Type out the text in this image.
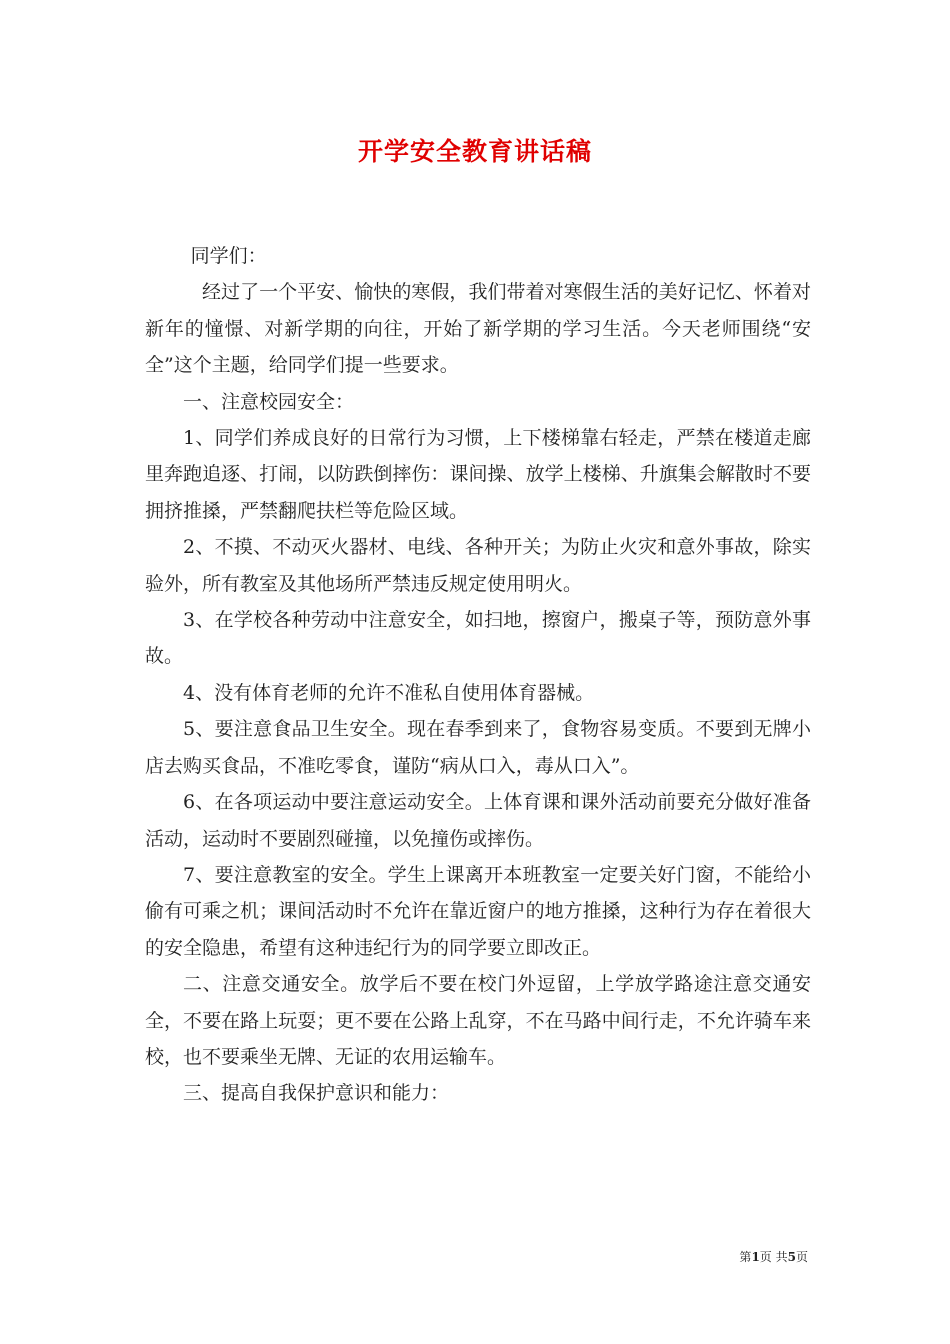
开学安全教育讲话稿

同学们：

经过了一个平安、愉快的寒假，我们带着对寒假生活的美好记忆、怀着对新年的憧憬、对新学期的向往，开始了新学期的学习生活。今天老师围绕“安全”这个主题，给同学们提一些要求。

一、注意校园安全：

1、同学们养成良好的日常行为习惯，上下楼梯靠右轻走，严禁在楼道走廊里奔跑追逐、打闹，以防跌倒摔伤：课间操、放学上楼梯、升旗集会解散时不要拥挤推搡，严禁翻爬扶栏等危险区域。

2、不摸、不动灭火器材、电线、各种开关；为防止火灾和意外事故，除实验外，所有教室及其他场所严禁违反规定使用明火。

3、在学校各种劳动中注意安全，如扫地，擦窗户，搬桌子等，预防意外事故。

4、没有体育老师的允许不准私自使用体育器械。

5、要注意食品卫生安全。现在春季到来了，食物容易变质。不要到无牌小店去购买食品，不准吃零食，谨防“病从口入，毒从口入”。

6、在各项运动中要注意运动安全。上体育课和课外活动前要充分做好准备活动，运动时不要剧烈碰撞，以免撞伤或摔伤。

7、要注意教室的安全。学生上课离开本班教室一定要关好门窗，不能给小偷有可乘之机；课间活动时不允许在靠近窗户的地方推搡，这种行为存在着很大的安全隐患，希望有这种违纪行为的同学要立即改正。

二、注意交通安全。放学后不要在校门外逗留，上学放学路途注意交通安全，不要在路上玩耍；更不要在公路上乱穿，不在马路中间行走，不允许骑车来校，也不要乘坐无牌、无证的农用运输车。

三、提高自我保护意识和能力：

第1页 共5页
